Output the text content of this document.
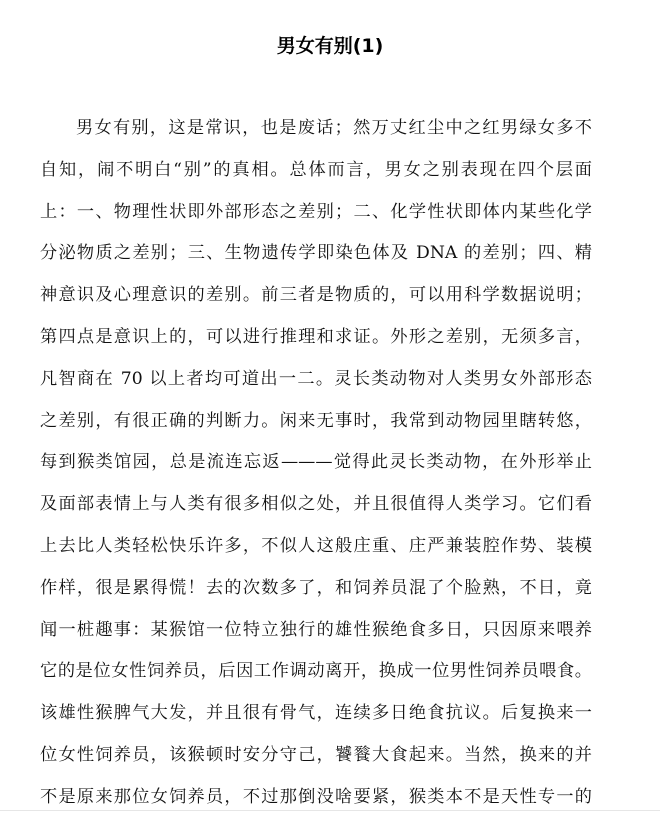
男女有别(1)
男女有别，这是常识，也是废话；然万丈红尘中之红男绿女多不
自知，闹不明白“别”的真相。总体而言，男女之别表现在四个层面
上：一、物理性状即外部形态之差别；二、化学性状即体内某些化学
分泌物质之差别；三、生物遗传学即染色体及 DNA 的差别；四、精
神意识及心理意识的差别。前三者是物质的，可以用科学数据说明；
第四点是意识上的，可以进行推理和求证。外形之差别，无须多言，
凡智商在 70 以上者均可道出一二。灵长类动物对人类男女外部形态
之差别，有很正确的判断力。闲来无事时，我常到动物园里瞎转悠，
每到猴类馆园，总是流连忘返———觉得此灵长类动物，在外形举止
及面部表情上与人类有很多相似之处，并且很值得人类学习。它们看
上去比人类轻松快乐许多，不似人这般庄重、庄严兼装腔作势、装模
作样，很是累得慌！去的次数多了，和饲养员混了个脸熟，不日，竟
闻一桩趣事：某猴馆一位特立独行的雄性猴绝食多日，只因原来喂养
它的是位女性饲养员，后因工作调动离开，换成一位男性饲养员喂食。
该雄性猴脾气大发，并且很有骨气，连续多日绝食抗议。后复换来一
位女性饲养员，该猴顿时安分守己，饕餮大食起来。当然，换来的并
不是原来那位女饲养员，不过那倒没啥要紧，猴类本不是天性专一的
